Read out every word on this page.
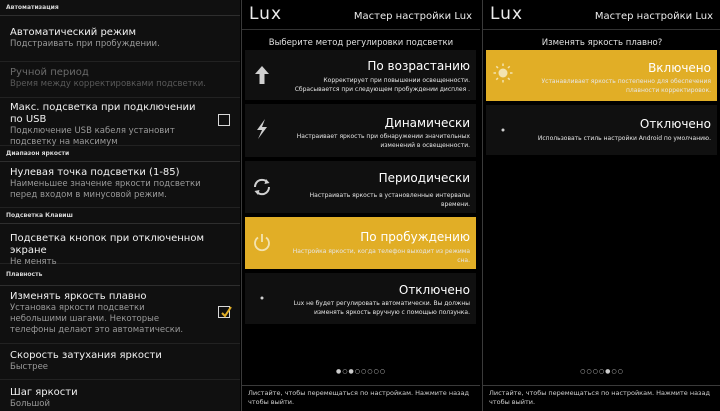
Автоматизация
Автоматический режим
Подстраивать при пробуждении.
Ручной период
Время между корректировками подсветки.
Макс. подсветка при подключении по USB
Подключение USB кабеля установит подсветку на максимум
Диапазон яркости
Нулевая точка подсветки (1-85)
Наименьшее значение яркости подсветки перед входом в минусовой режим.
Подсветка Клавиш
Подсветка кнопок при отключенном экране
Не менять
Плавность
Изменять яркость плавно
Установка яркости подсветки небольшими шагами. Некоторые телефоны делают это автоматически.
Скорость затухания яркости
Быстрее
Шаг яркости
Большой
Lux	Мастер настройки Lux
Выберите метод регулировки подсветки
По возрастанию
Корректирует при повышении освещенности. Сбрасывается при следующем пробуждении дисплея .
Динамически
Настраивает яркость при обнаружении значительных изменений в освещенности.
Периодически
Настраивать яркость в установленные интервалы времени.
По пробуждению
Настройка яркости, когда телефон выходит из режима сна.
Отключено
Lux не будет регулировать автоматически. Вы должны изменять яркость вручную с помощью ползунка.
●○●○○○○○
Листайте, чтобы перемещаться по настройкам. Нажмите назад чтобы выйти.
Lux	Мастер настройки Lux
Изменять яркость плавно?
Включено
Устанавливает яркость постепенно для обеспечения плавности корректировок.
Отключено
Использовать стиль настройки Android по умолчанию.
○○○○●○○
Листайте, чтобы перемещаться по настройкам. Нажмите назад чтобы выйти.
